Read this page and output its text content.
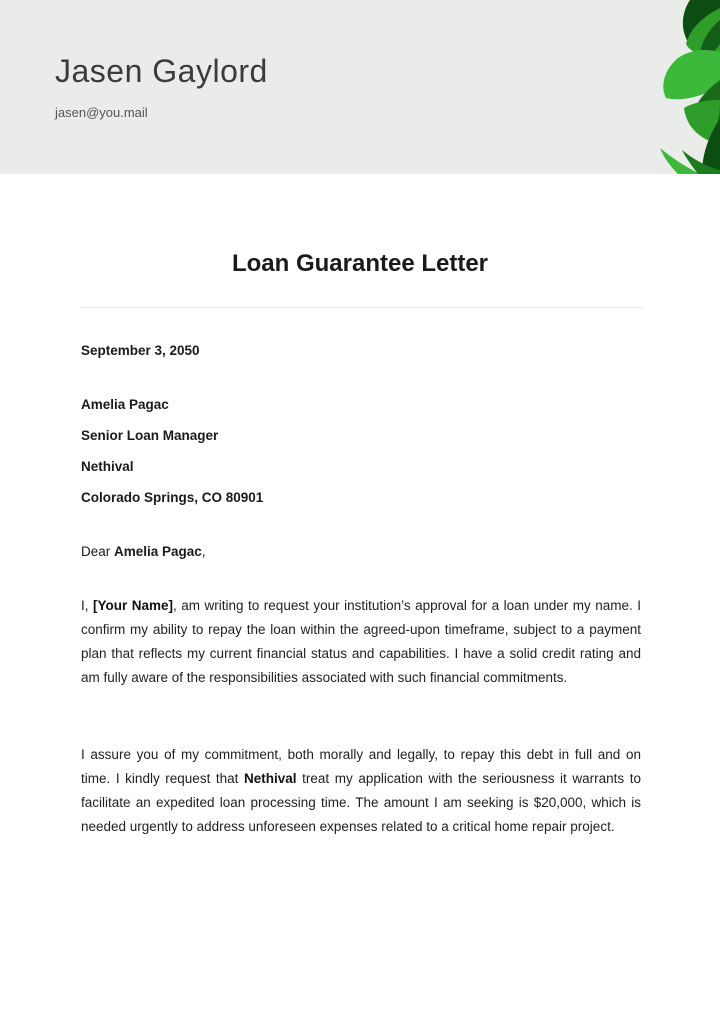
Jasen Gaylord
jasen@you.mail
Loan Guarantee Letter
September 3, 2050
Amelia Pagac
Senior Loan Manager
Nethival
Colorado Springs, CO 80901
Dear Amelia Pagac,
I, [Your Name], am writing to request your institution’s approval for a loan under my name. I confirm my ability to repay the loan within the agreed-upon timeframe, subject to a payment plan that reflects my current financial status and capabilities. I have a solid credit rating and am fully aware of the responsibilities associated with such financial commitments.
I assure you of my commitment, both morally and legally, to repay this debt in full and on time. I kindly request that Nethival treat my application with the seriousness it warrants to facilitate an expedited loan processing time. The amount I am seeking is $20,000, which is needed urgently to address unforeseen expenses related to a critical home repair project.
